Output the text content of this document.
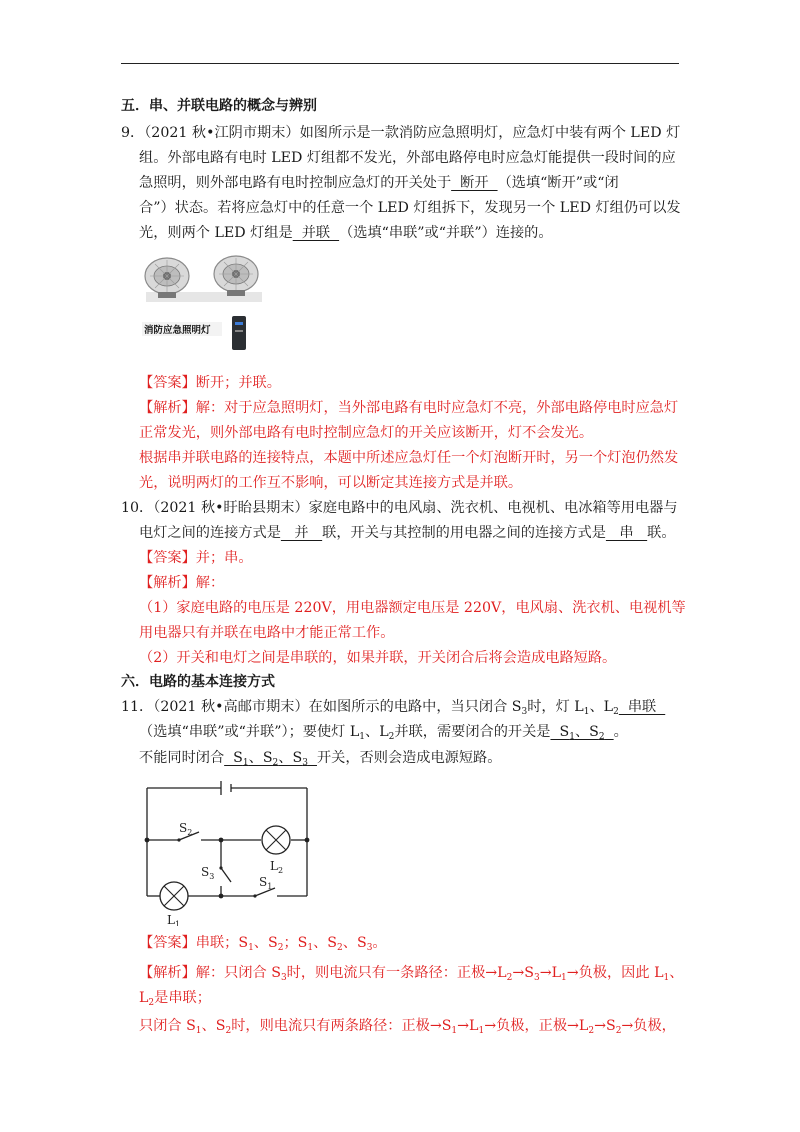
五．串、并联电路的概念与辨别
9．（2021 秋•江阴市期末）如图所示是一款消防应急照明灯，应急灯中装有两个 LED 灯
组。外部电路有电时 LED 灯组都不发光，外部电路停电时应急灯能提供一段时间的应
急照明，则外部电路有电时控制应急灯的开关处于  断开  （选填“断开”或“闭
合”）状态。若将应急灯中的任意一个 LED 灯组拆下，发现另一个 LED 灯组仍可以发
光，则两个 LED 灯组是  并联  （选填“串联”或“并联”）连接的。
消防应急照明灯
【答案】断开；并联。
【解析】解：对于应急照明灯，当外部电路有电时应急灯不亮，外部电路停电时应急灯
正常发光，则外部电路有电时控制应急灯的开关应该断开，灯不会发光。
根据串并联电路的连接特点，本题中所述应急灯任一个灯泡断开时，另一个灯泡仍然发
光，说明两灯的工作互不影响，可以断定其连接方式是并联。
10．（2021 秋•盱眙县期末）家庭电路中的电风扇、洗衣机、电视机、电冰箱等用电器与
电灯之间的连接方式是   并   联，开关与其控制的用电器之间的连接方式是   串   联。
【答案】并；串。
【解析】解：
（1）家庭电路的电压是 220V，用电器额定电压是 220V，电风扇、洗衣机、电视机等
用电器只有并联在电路中才能正常工作。
（2）开关和电灯之间是串联的，如果并联，开关闭合后将会造成电路短路。
六．电路的基本连接方式
11．（2021 秋•高邮市期末）在如图所示的电路中，当只闭合 $S_3$时，灯 $L_1$、$L_2$  串联
（选填“串联”或“并联”）；要使灯 $L_1$、$L_2$并联，需要闭合的开关是  $S_1$、$S_2$ 。
不能同时闭合  $S_1$、$S_2$、$S_3$ 开关，否则会造成电源短路。
$S_2$
$S_3$	$S_1$
$L_2$
$L_1$
【答案】串联；$S_1$、$S_2$；$S_1$、$S_2$、$S_3$。
【解析】解：只闭合 $S_3$时，则电流只有一条路径：正极$\to L_2\to S_3\to L_1\to$负极，因此 $L_1$、
$L_2$是串联；
只闭合 $S_1$、$S_2$时，则电流只有两条路径：正极$\to S_1\to L_1\to$负极，正极$\to L_2\to S_2\to$负极，
